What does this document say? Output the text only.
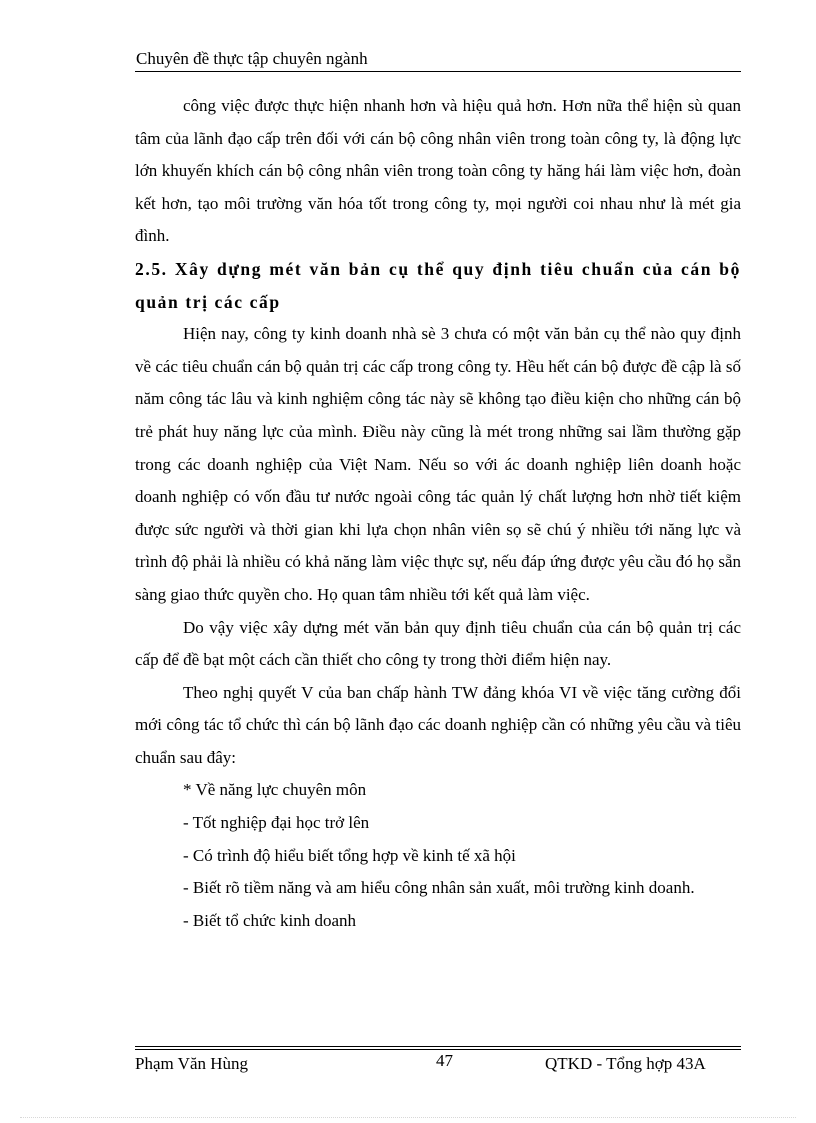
Chuyên đề thực tập chuyên ngành

công việc được thực hiện nhanh hơn và hiệu quả hơn. Hơn nữa thể hiện sù quan tâm của lãnh đạo cấp trên đối với cán bộ công nhân viên trong toàn công ty, là động lực lớn khuyến khích cán bộ công nhân viên trong toàn công ty hăng hái làm việc hơn, đoàn kết hơn, tạo môi trường văn hóa tốt trong công ty, mọi người coi nhau như là mét gia đình.

2.5. Xây dựng mét văn bản cụ thể quy định tiêu chuẩn của cán bộ quản trị các cấp

Hiện nay, công ty kinh doanh nhà sè 3 chưa có một văn bản cụ thể nào quy định về các tiêu chuẩn cán bộ quản trị các cấp trong công ty. Hều hết cán bộ được đề cập là số năm công tác lâu và kinh nghiệm công tác này sẽ không tạo điều kiện cho những cán bộ trẻ phát huy năng lực của mình. Điều này cũng là mét trong những sai lầm thường gặp trong các doanh nghiệp của Việt Nam. Nếu so với ác doanh nghiệp liên doanh hoặc doanh nghiệp có vốn đầu tư nước ngoài công tác quản lý chất lượng hơn nhờ tiết kiệm được sức người và thời gian khi lựa chọn nhân viên sọ sẽ chú ý nhiều tới năng lực và trình độ phải là nhiều có khả năng làm việc thực sự, nếu đáp ứng được yêu cầu đó họ sẵn sàng giao thức quyền cho. Họ quan tâm nhiều tới kết quả làm việc.

Do vậy việc xây dựng mét văn bản quy định tiêu chuẩn của cán bộ quản trị các cấp để đề bạt một cách cần thiết cho công ty trong thời điểm hiện nay.

Theo nghị quyết V của ban chấp hành TW đảng khóa VI về việc tăng cường đổi mới công tác tổ chức thì cán bộ lãnh đạo các doanh nghiệp cần có những yêu cầu và tiêu chuẩn sau đây:

* Về năng lực chuyên môn

- Tốt nghiệp đại học trở lên

- Có trình độ hiểu biết tổng hợp về kinh tế xã hội

- Biết rõ tiềm năng và am hiểu công nhân sản xuất, môi trường kinh doanh.

- Biết tổ chức kinh doanh

Phạm Văn Hùng	47	QTKD - Tổng hợp 43A
